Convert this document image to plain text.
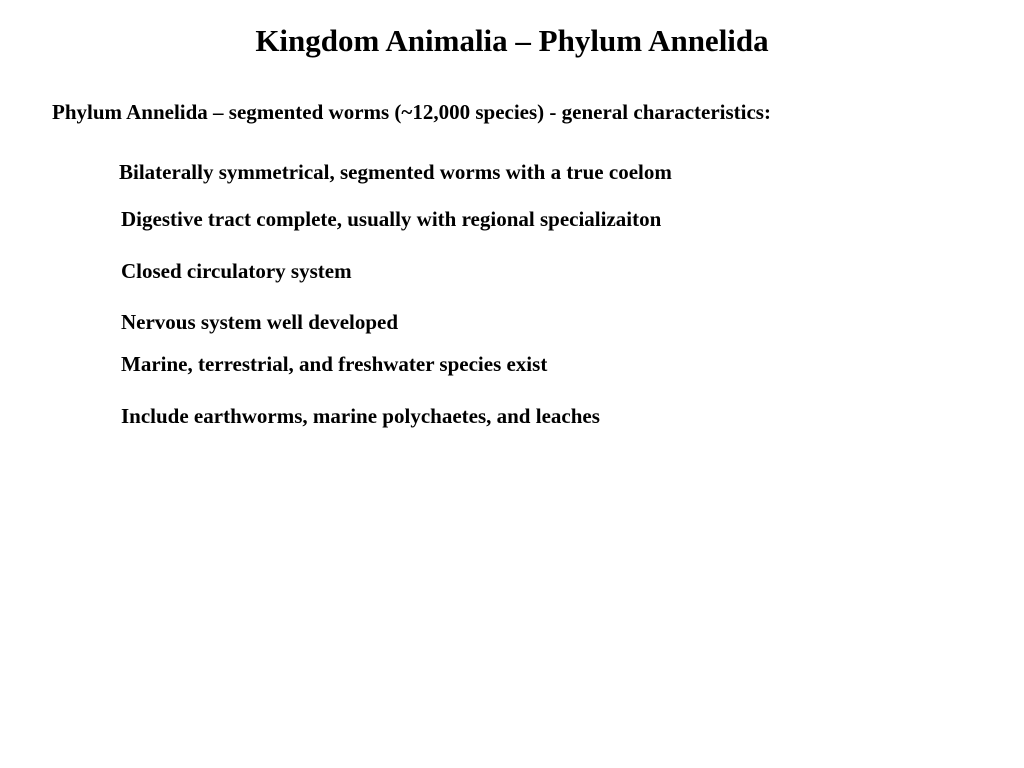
Kingdom Animalia – Phylum Annelida
Phylum Annelida – segmented worms (~12,000 species) - general characteristics:
Bilaterally symmetrical, segmented worms with a true coelom
Digestive tract complete, usually with regional specializaiton
Closed circulatory system
Nervous system well developed
Marine, terrestrial, and freshwater species exist
Include earthworms, marine polychaetes, and leaches
